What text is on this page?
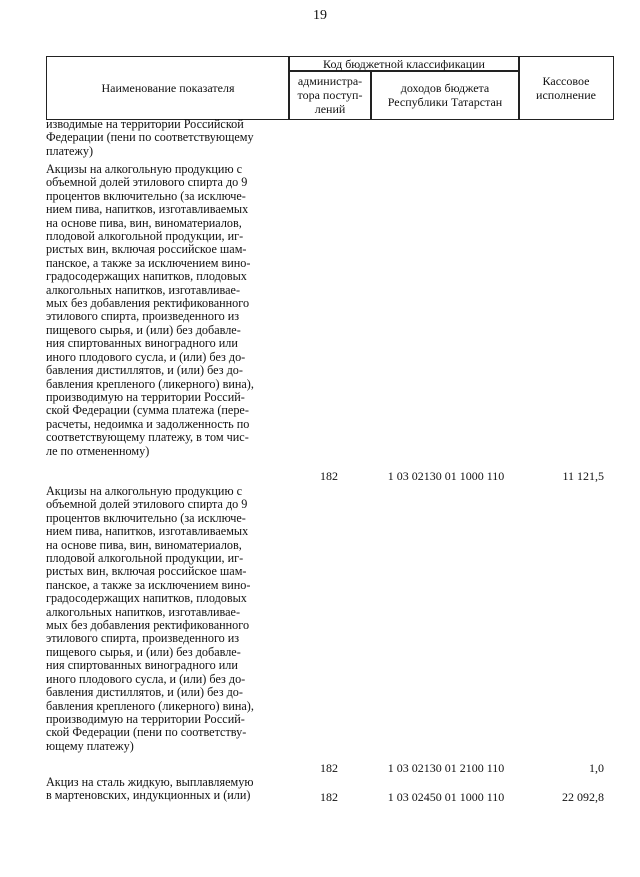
19
Наименование показателя
Код бюджетной классификации
администра-
тора поступ-
лений
доходов бюджета
Республики Татарстан
Кассовое
исполнение
изводимые на территории Российской
Федерации (пени по соответствующему
платежу)
Акцизы на алкогольную продукцию с
объемной долей этилового спирта до 9
процентов включительно (за исключе-
нием пива, напитков, изготавливаемых
на основе пива, вин, виноматериалов,
плодовой алкогольной продукции, иг-
ристых вин, включая российское шам-
панское, а также за исключением вино-
градосодержащих напитков, плодовых
алкогольных напитков, изготавливае-
мых без добавления ректификованного
этилового спирта, произведенного из
пищевого сырья, и (или) без добавле-
ния спиртованных виноградного или
иного плодового сусла, и (или) без до-
бавления дистиллятов, и (или) без до-
бавления крепленого (ликерного) вина),
производимую на территории Россий-
ской Федерации (сумма платежа (пере-
расчеты, недоимка и задолженность по
соответствующему платежу, в том чис-
ле по отмененному)
182	1 03 02130 01 1000 110	11 121,5
Акцизы на алкогольную продукцию с
объемной долей этилового спирта до 9
процентов включительно (за исключе-
нием пива, напитков, изготавливаемых
на основе пива, вин, виноматериалов,
плодовой алкогольной продукции, иг-
ристых вин, включая российское шам-
панское, а также за исключением вино-
градосодержащих напитков, плодовых
алкогольных напитков, изготавливае-
мых без добавления ректификованного
этилового спирта, произведенного из
пищевого сырья, и (или) без добавле-
ния спиртованных виноградного или
иного плодового сусла, и (или) без до-
бавления дистиллятов, и (или) без до-
бавления крепленого (ликерного) вина),
производимую на территории Россий-
ской Федерации (пени по соответству-
ющему платежу)
182	1 03 02130 01 2100 110	1,0
Акциз на сталь жидкую, выплавляемую
в мартеновских, индукционных и (или)	182	1 03 02450 01 1000 110	22 092,8
